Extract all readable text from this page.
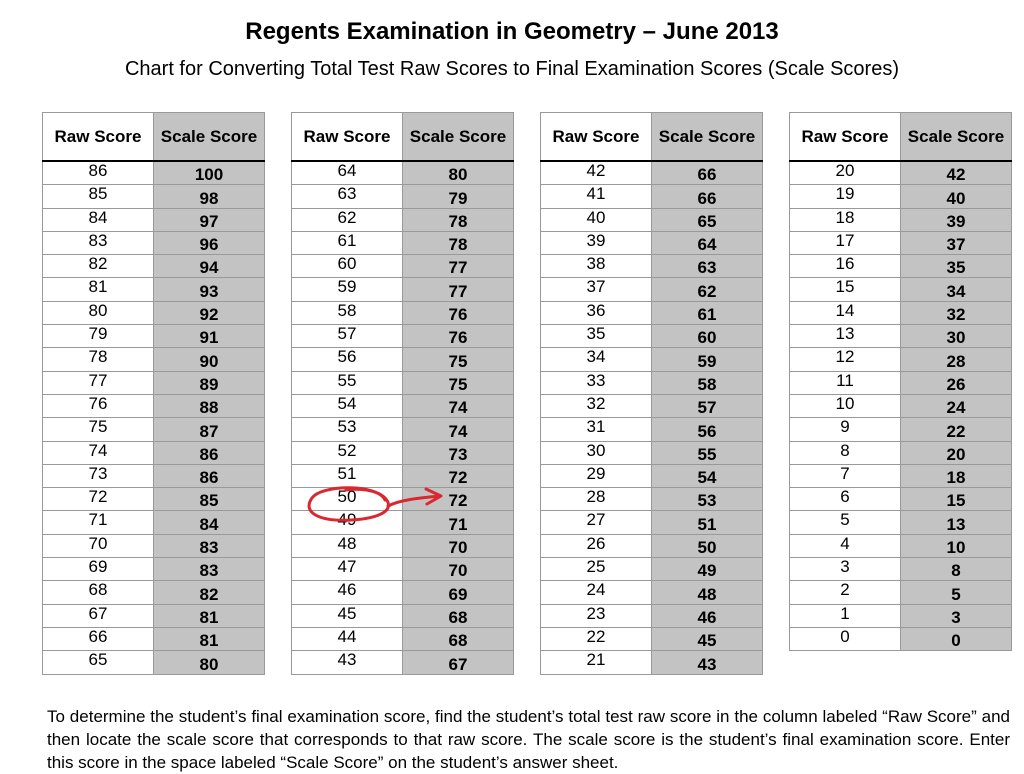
Regents Examination in Geometry – June 2013
Chart for Converting Total Test Raw Scores to Final Examination Scores (Scale Scores)
Raw Score	Scale Score
86	100
85	98
84	97
83	96
82	94
81	93
80	92
79	91
78	90
77	89
76	88
75	87
74	86
73	86
72	85
71	84
70	83
69	83
68	82
67	81
66	81
65	80
Raw Score	Scale Score
64	80
63	79
62	78
61	78
60	77
59	77
58	76
57	76
56	75
55	75
54	74
53	74
52	73
51	72
50	72
49	71
48	70
47	70
46	69
45	68
44	68
43	67
Raw Score	Scale Score
42	66
41	66
40	65
39	64
38	63
37	62
36	61
35	60
34	59
33	58
32	57
31	56
30	55
29	54
28	53
27	51
26	50
25	49
24	48
23	46
22	45
21	43
Raw Score	Scale Score
20	42
19	40
18	39
17	37
16	35
15	34
14	32
13	30
12	28
11	26
10	24
9	22
8	20
7	18
6	15
5	13
4	10
3	8
2	5
1	3
0	0
To determine the student’s final examination score, find the student’s total test raw score in the column labeled “Raw Score” and then locate the scale score that corresponds to that raw score. The scale score is the student’s final examination score. Enter this score in the space labeled “Scale Score” on the student’s answer sheet.
